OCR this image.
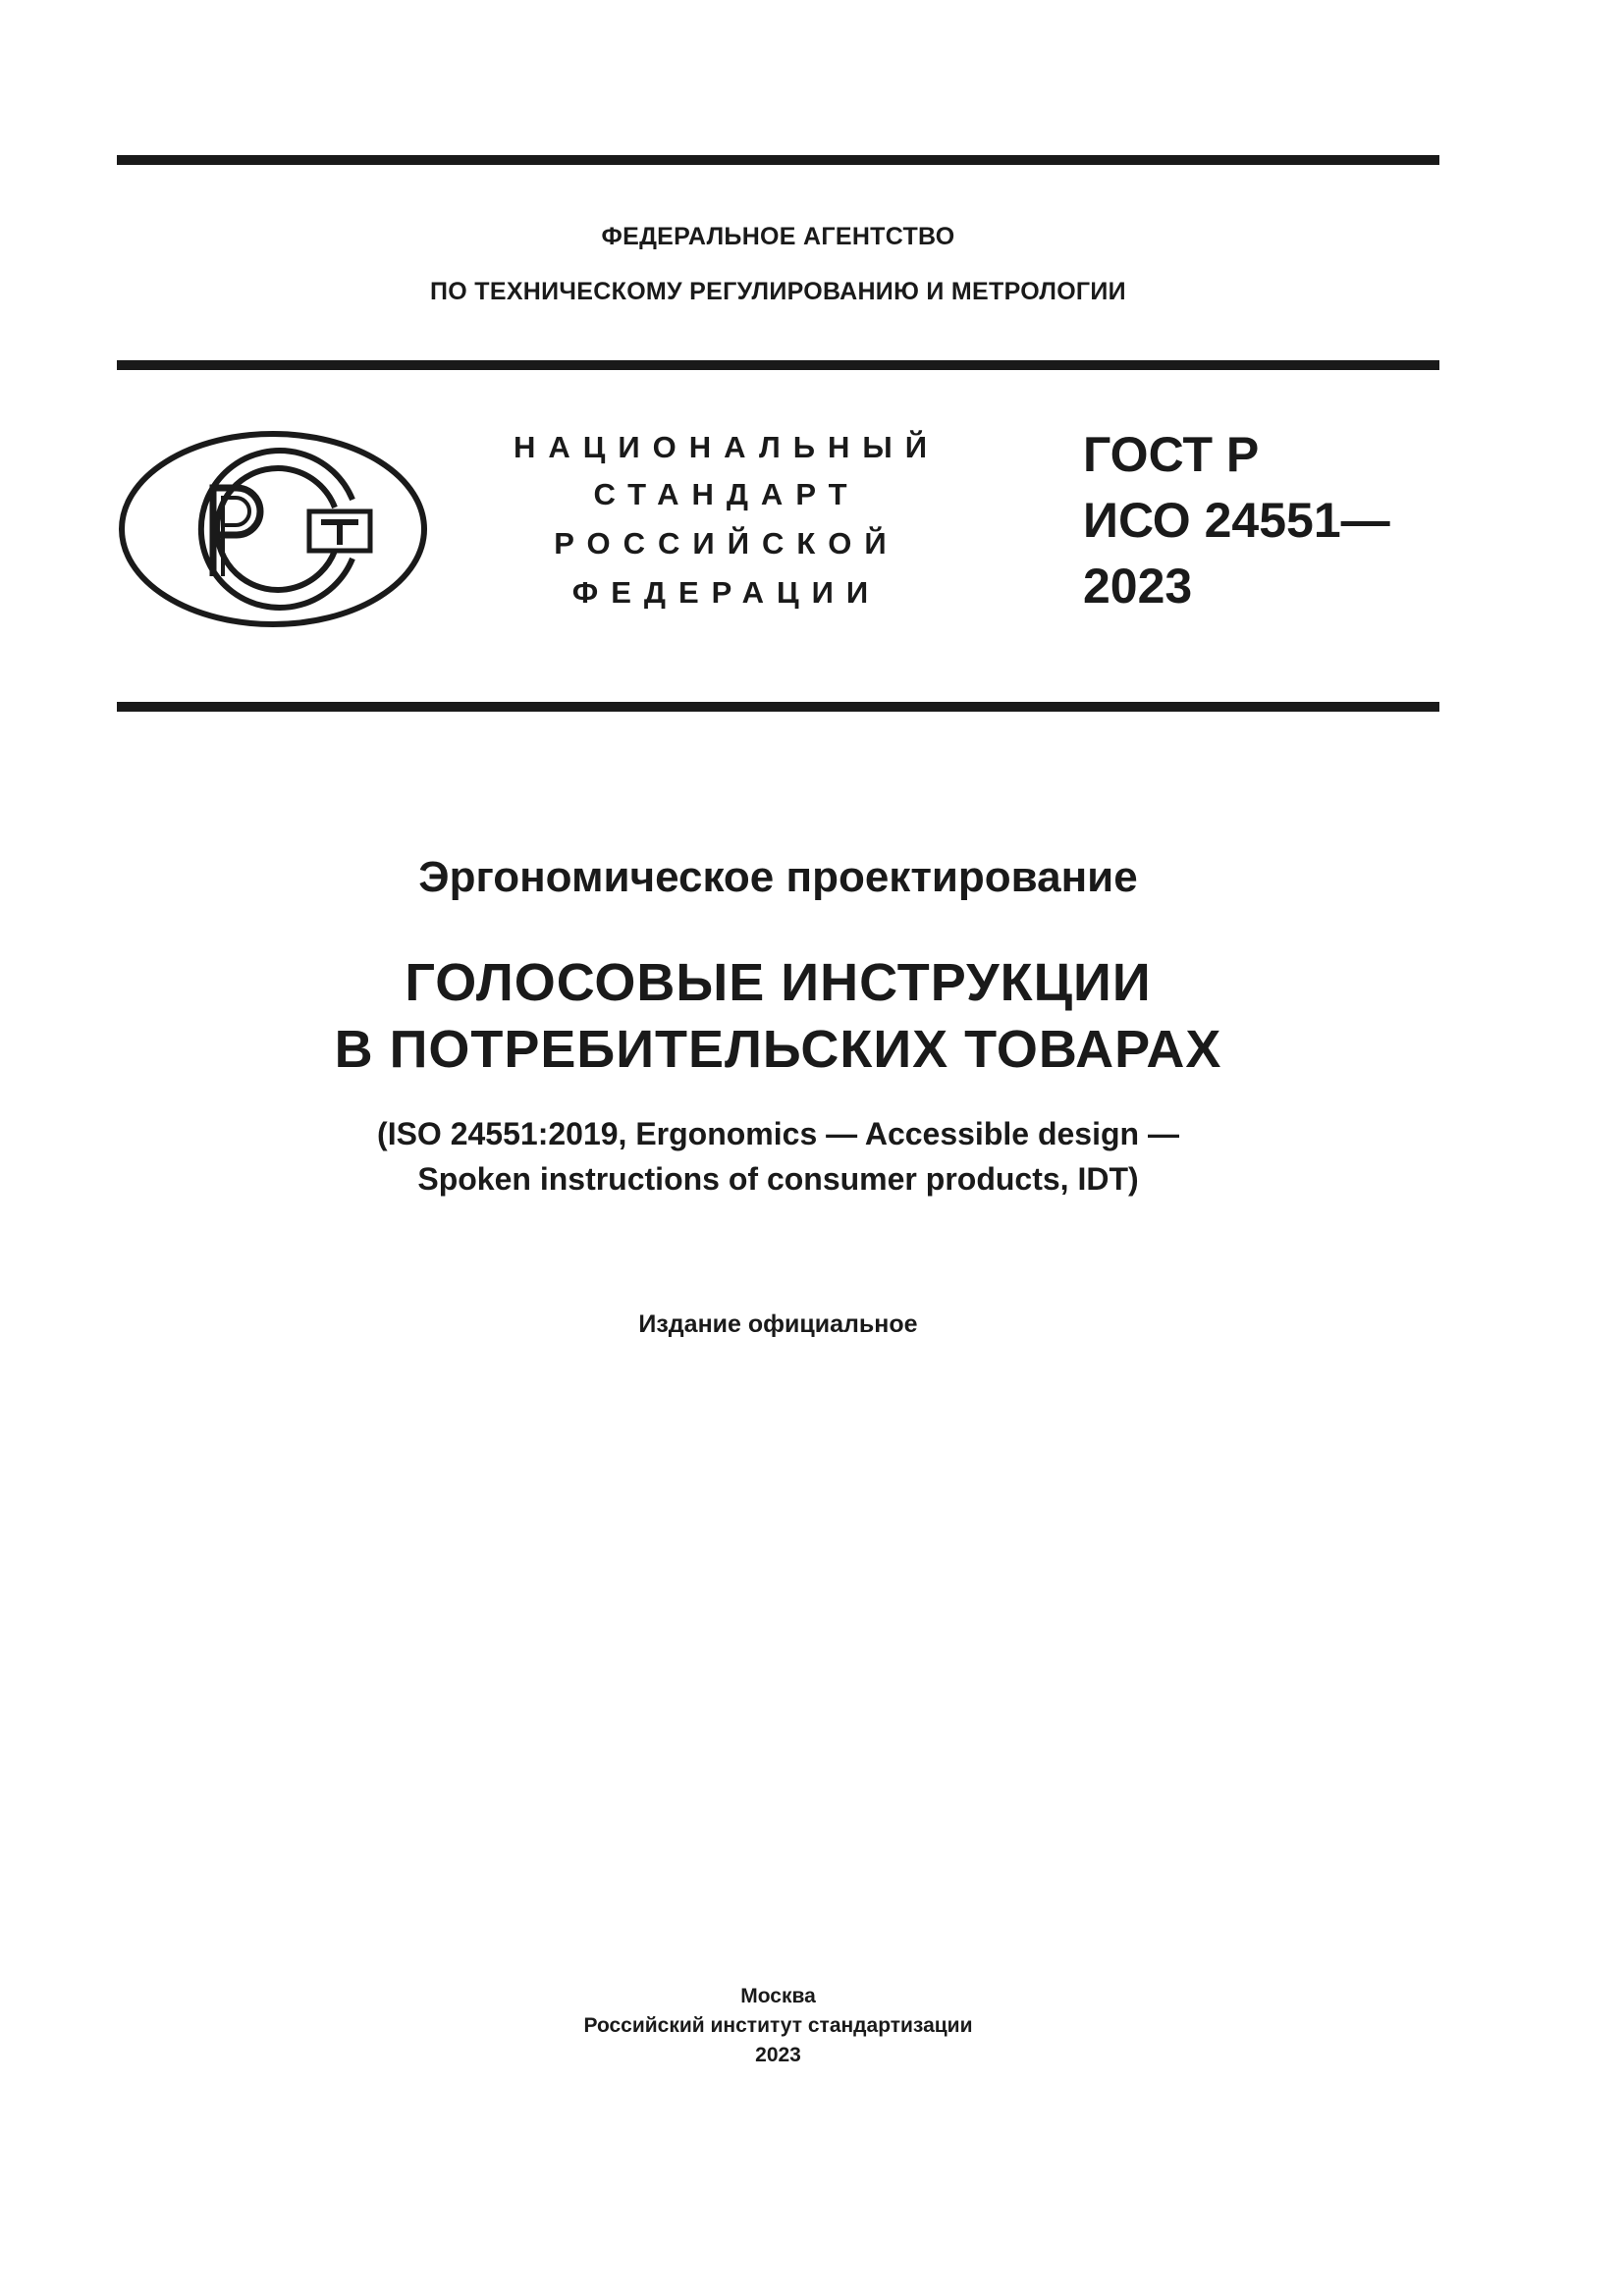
ФЕДЕРАЛЬНОЕ АГЕНТСТВО
ПО ТЕХНИЧЕСКОМУ РЕГУЛИРОВАНИЮ И МЕТРОЛОГИИ
НАЦИОНАЛЬНЫЙ
СТАНДАРТ
РОССИЙСКОЙ
ФЕДЕРАЦИИ
ГОСТ Р
ИСО 24551—
2023
Эргономическое проектирование
ГОЛОСОВЫЕ ИНСТРУКЦИИ
В ПОТРЕБИТЕЛЬСКИХ ТОВАРАХ
(ISO 24551:2019, Ergonomics — Accessible design —
Spoken instructions of consumer products, IDT)
Издание официальное
Москва
Российский институт стандартизации
2023
